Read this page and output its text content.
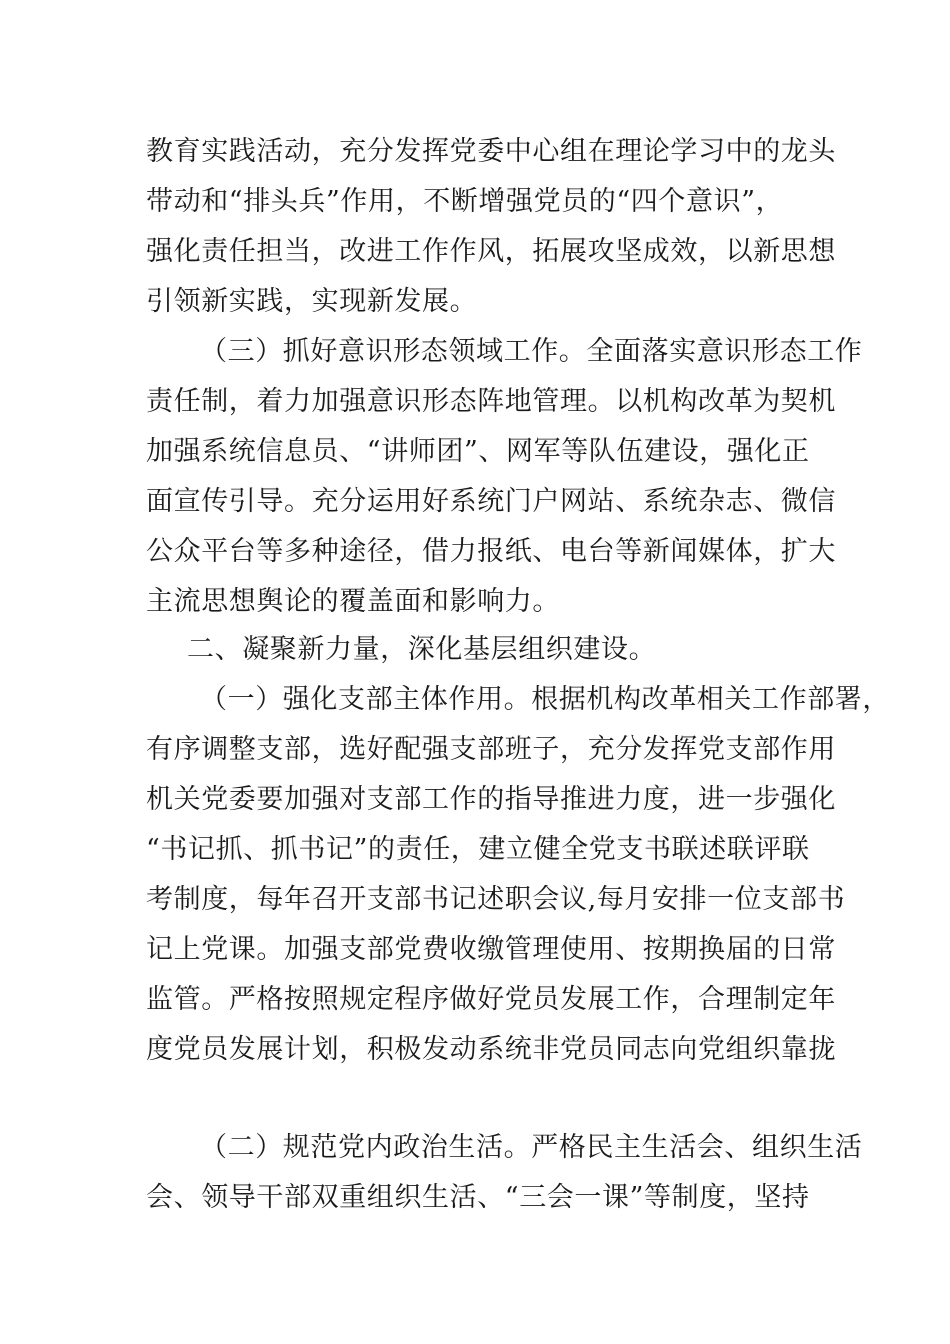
教育实践活动，充分发挥党委中心组在理论学习中的龙头
带动和“排头兵”作用，不断增强党员的“四个意识”，
强化责任担当，改进工作作风，拓展攻坚成效，以新思想
引领新实践，实现新发展。
（三）抓好意识形态领域工作。全面落实意识形态工作
责任制，着力加强意识形态阵地管理。以机构改革为契机
加强系统信息员、“讲师团”、网军等队伍建设，强化正
面宣传引导。充分运用好系统门户网站、系统杂志、微信
公众平台等多种途径，借力报纸、电台等新闻媒体，扩大
主流思想舆论的覆盖面和影响力。
二、凝聚新力量，深化基层组织建设。
（一）强化支部主体作用。根据机构改革相关工作部署，
有序调整支部，选好配强支部班子，充分发挥党支部作用
机关党委要加强对支部工作的指导推进力度，进一步强化
“书记抓、抓书记”的责任，建立健全党支书联述联评联
考制度，每年召开支部书记述职会议,每月安排一位支部书
记上党课。加强支部党费收缴管理使用、按期换届的日常
监管。严格按照规定程序做好党员发展工作，合理制定年
度党员发展计划，积极发动系统非党员同志向党组织靠拢
（二）规范党内政治生活。严格民主生活会、组织生活
会、领导干部双重组织生活、“三会一课”等制度，坚持
